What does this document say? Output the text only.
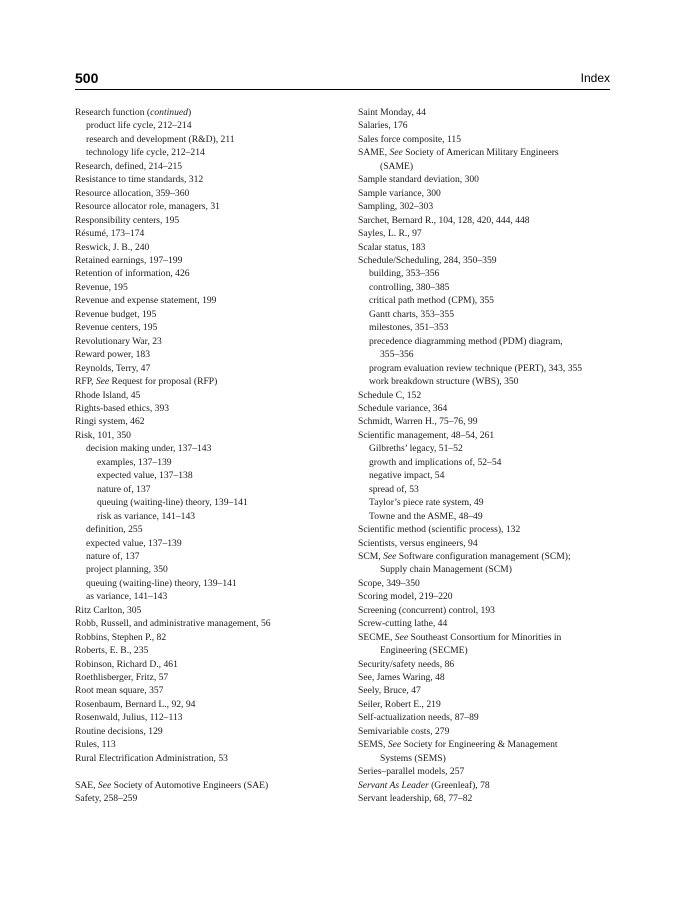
500	Index
Research function (continued)
product life cycle, 212–214
research and development (R&D), 211
technology life cycle, 212–214
Research, defined, 214–215
Resistance to time standards, 312
Resource allocation, 359–360
Resource allocator role, managers, 31
Responsibility centers, 195
Résumé, 173–174
Reswick, J. B., 240
Retained earnings, 197–199
Retention of information, 426
Revenue, 195
Revenue and expense statement, 199
Revenue budget, 195
Revenue centers, 195
Revolutionary War, 23
Reward power, 183
Reynolds, Terry, 47
RFP, See Request for proposal (RFP)
Rhode Island, 45
Rights-based ethics, 393
Ringi system, 462
Risk, 101, 350
decision making under, 137–143
examples, 137–139
expected value, 137–138
nature of, 137
queuing (waiting-line) theory, 139–141
risk as variance, 141–143
definition, 255
expected value, 137–139
nature of, 137
project planning, 350
queuing (waiting-line) theory, 139–141
as variance, 141–143
Ritz Carlton, 305
Robb, Russell, and administrative management, 56
Robbins, Stephen P., 82
Roberts, E. B., 235
Robinson, Richard D., 461
Roethlisberger, Fritz, 57
Root mean square, 357
Rosenbaum, Bernard L., 92, 94
Rosenwald, Julius, 112–113
Routine decisions, 129
Rules, 113
Rural Electrification Administration, 53
SAE, See Society of Automotive Engineers (SAE)
Safety, 258–259
Saint Monday, 44
Salaries, 176
Sales force composite, 115
SAME, See Society of American Military Engineers
(SAME)
Sample standard deviation, 300
Sample variance, 300
Sampling, 302–303
Sarchet, Bernard R., 104, 128, 420, 444, 448
Sayles, L. R., 97
Scalar status, 183
Schedule/Scheduling, 284, 350–359
building, 353–356
controlling, 380–385
critical path method (CPM), 355
Gantt charts, 353–355
milestones, 351–353
precedence diagramming method (PDM) diagram,
355–356
program evaluation review technique (PERT), 343, 355
work breakdown structure (WBS), 350
Schedule C, 152
Schedule variance, 364
Schmidt, Warren H., 75–76, 99
Scientific management, 48–54, 261
Gilbreths’ legacy, 51–52
growth and implications of, 52–54
negative impact, 54
spread of, 53
Taylor’s piece rate system, 49
Towne and the ASME, 48–49
Scientific method (scientific process), 132
Scientists, versus engineers, 94
SCM, See Software configuration management (SCM);
Supply chain Management (SCM)
Scope, 349–350
Scoring model, 219–220
Screening (concurrent) control, 193
Screw-cutting lathe, 44
SECME, See Southeast Consortium for Minorities in
Engineering (SECME)
Security/safety needs, 86
See, James Waring, 48
Seely, Bruce, 47
Seiler, Robert E., 219
Self-actualization needs, 87–89
Semivariable costs, 279
SEMS, See Society for Engineering & Management
Systems (SEMS)
Series–parallel models, 257
Servant As Leader (Greenleaf), 78
Servant leadership, 68, 77–82
